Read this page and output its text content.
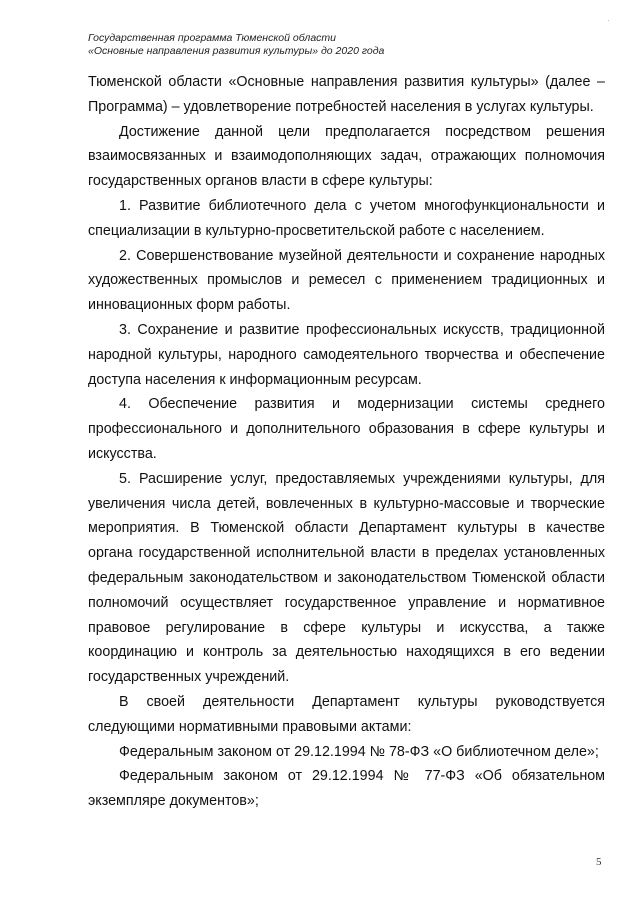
Государственная программа Тюменской области
«Основные направления развития культуры» до 2020 года

Тюменской области «Основные направления развития культуры» (далее – Программа) – удовлетворение потребностей населения в услугах культуры.

Достижение данной цели предполагается посредством решения взаимосвязанных и взаимодополняющих задач, отражающих полномочия государственных органов власти в сфере культуры:

1. Развитие библиотечного дела с учетом многофункциональности и специализации в культурно-просветительской работе с населением.

2. Совершенствование музейной деятельности и сохранение народных художественных промыслов и ремесел с применением традиционных и инновационных форм работы.

3. Сохранение и развитие профессиональных искусств, традиционной народной культуры, народного самодеятельного творчества и обеспечение доступа населения к информационным ресурсам.

4. Обеспечение развития и модернизации системы среднего профессионального и дополнительного образования в сфере культуры и искусства.

5. Расширение услуг, предоставляемых учреждениями культуры, для увеличения числа детей, вовлеченных в культурно-массовые и творческие мероприятия. В Тюменской области Департамент культуры в качестве органа государственной исполнительной власти в пределах установленных федеральным законодательством и законодательством Тюменской области полномочий осуществляет государственное управление и нормативное правовое регулирование в сфере культуры и искусства, а также координацию и контроль за деятельностью находящихся в его ведении государственных учреждений.

В своей деятельности Департамент культуры руководствуется следующими нормативными правовыми актами:

Федеральным законом от 29.12.1994 № 78-ФЗ «О библиотечном деле»;

Федеральным законом от 29.12.1994 № 77-ФЗ «Об обязательном экземпляре документов»;

5
